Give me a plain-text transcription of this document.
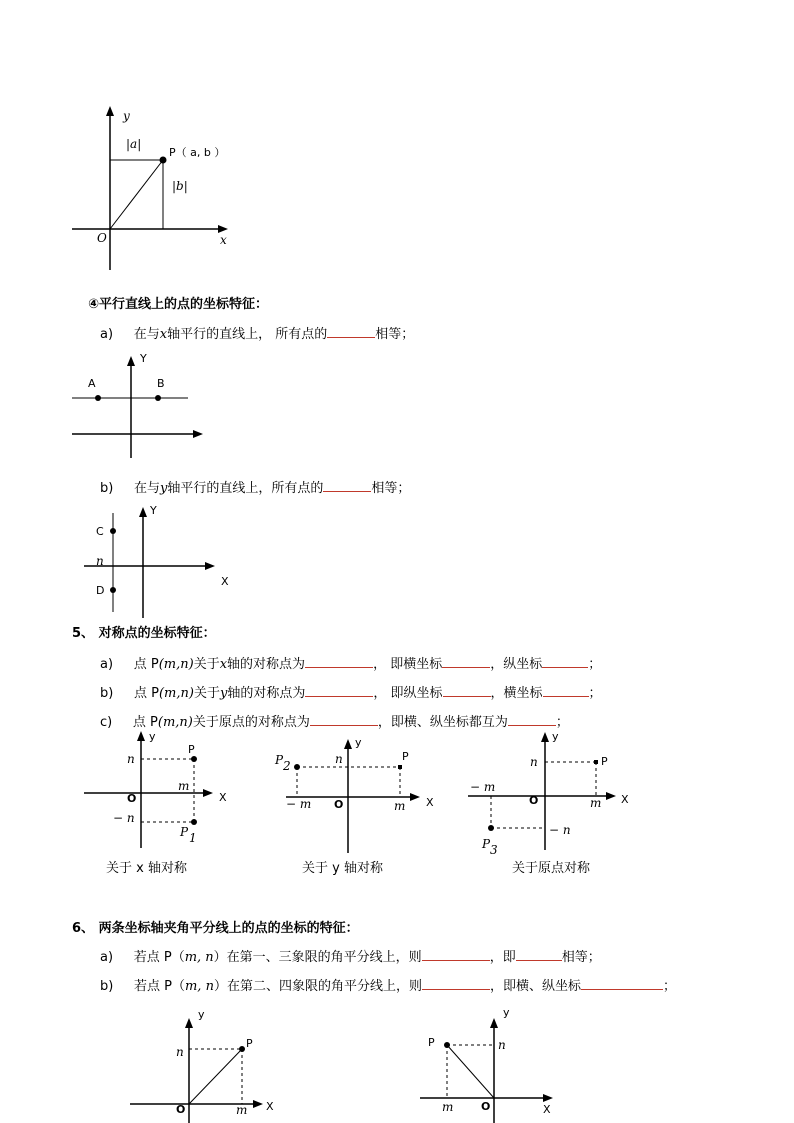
y
x
O
|a|
|b|
P（ a, b ）
④平行直线上的点的坐标特征：
a) 在与x轴平行的直线上， 所有点的	相等；
Y
A	B
b) 在与y轴平行的直线上，所有点的	相等；
Y
X
C
D
n
5、 对称点的坐标特征：
a) 点 P(m,n)关于x轴的对称点为	， 即横坐标	，纵坐标	；
b) 点 P(m,n)关于y轴的对称点为	， 即纵坐标	，横坐标	；
c) 点 P(m,n)关于原点的对称点为	，即横、纵坐标都互为	；
y
X
O
P
n
m
− n
P 1
关于 x 轴对称
y
X
O
P
n
m
− m
P 2
关于 y 轴对称
y
X
O
P
n
m
− m
− n
P 3
关于原点对称
6、 两条坐标轴夹角平分线上的点的坐标的特征：
a) 若点 P（m, n）在第一、三象限的角平分线上，则	，即	相等；
b) 若点 P（m, n）在第二、四象限的角平分线上，则	，即横、纵坐标	；
y
X
O
P
n
m
y
X
O
P	n
m
